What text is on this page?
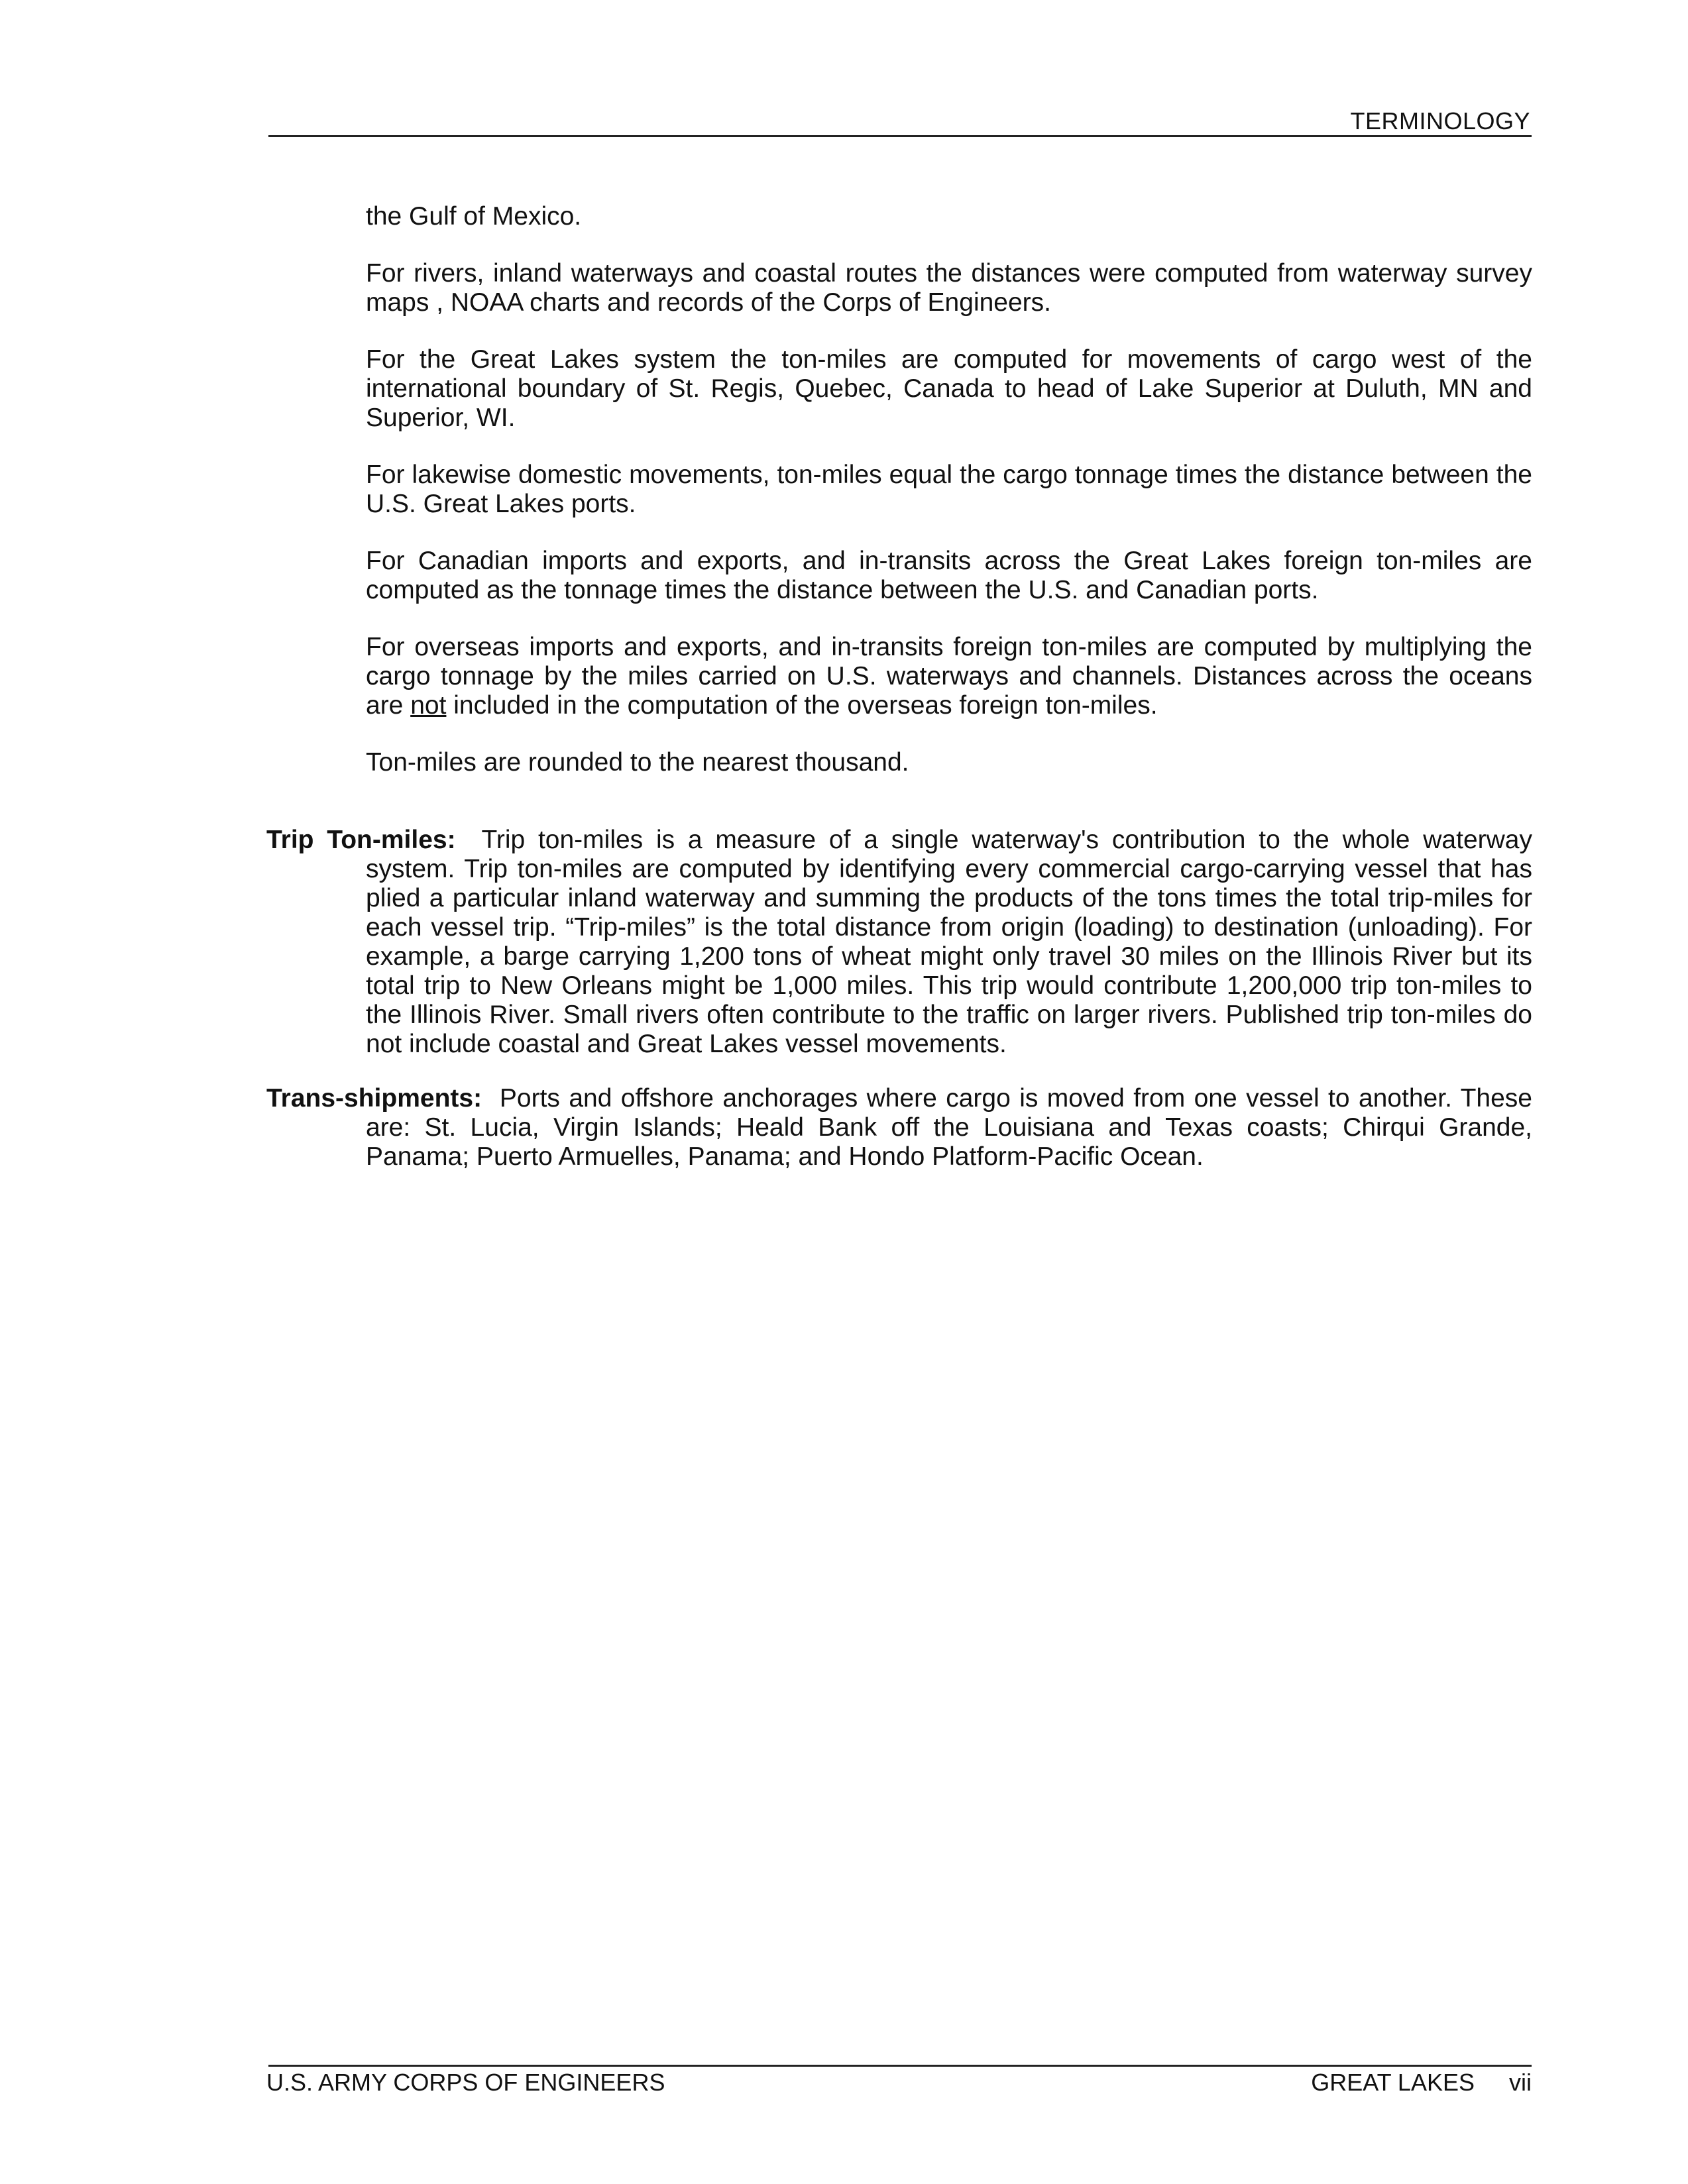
TERMINOLOGY

the Gulf of Mexico.

For rivers, inland waterways and coastal routes the distances were computed from waterway survey maps , NOAA charts and records of the Corps of Engineers.

For the Great Lakes system the ton-miles are computed for movements of cargo west of the international boundary of St. Regis, Quebec, Canada to head of Lake Superior at Duluth, MN and Superior, WI.

For lakewise domestic movements, ton-miles equal the cargo tonnage times the distance between the U.S. Great Lakes ports.

For Canadian imports and exports, and in-transits across the Great Lakes foreign ton-miles are computed as the tonnage times the distance between the U.S. and Canadian ports.

For overseas imports and exports, and in-transits foreign ton-miles are computed by multiplying the cargo tonnage by the miles carried on U.S. waterways and channels. Distances across the oceans are not included in the computation of the overseas foreign ton-miles.

Ton-miles are rounded to the nearest thousand.

Trip Ton-miles: Trip ton-miles is a measure of a single waterway's contribution to the whole waterway system. Trip ton-miles are computed by identifying every commercial cargo-carrying vessel that has plied a particular inland waterway and summing the products of the tons times the total trip-miles for each vessel trip. “Trip-miles” is the total distance from origin (loading) to destination (unloading). For example, a barge carrying 1,200 tons of wheat might only travel 30 miles on the Illinois River but its total trip to New Orleans might be 1,000 miles. This trip would contribute 1,200,000 trip ton-miles to the Illinois River. Small rivers often contribute to the traffic on larger rivers. Published trip ton-miles do not include coastal and Great Lakes vessel movements.

Trans-shipments: Ports and offshore anchorages where cargo is moved from one vessel to another. These are: St. Lucia, Virgin Islands; Heald Bank off the Louisiana and Texas coasts; Chirqui Grande, Panama; Puerto Armuelles, Panama; and Hondo Platform-Pacific Ocean.

U.S. ARMY CORPS OF ENGINEERS	GREAT LAKES vii
